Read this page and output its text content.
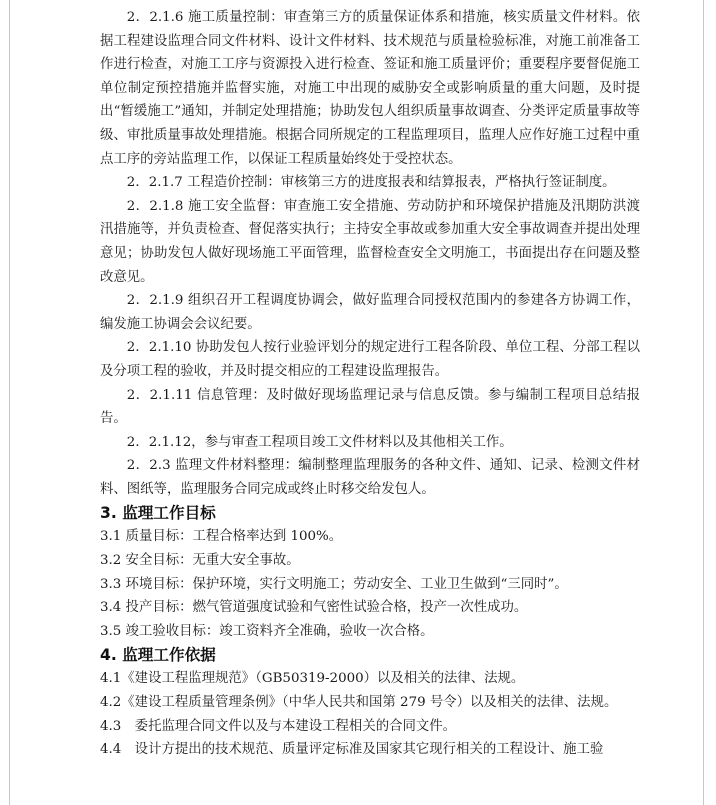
2．2.1.6 施工质量控制：审查第三方的质量保证体系和措施，核实质量文件材料。依据工程建设监理合同文件材料、设计文件材料、技术规范与质量检验标准，对施工前准备工作进行检查，对施工工序与资源投入进行检查、签证和施工质量评价；重要程序要督促施工单位制定预控措施并监督实施，对施工中出现的威胁安全或影响质量的重大问题，及时提出“暂缓施工”通知，并制定处理措施；协助发包人组织质量事故调查、分类评定质量事故等级、审批质量事故处理措施。根据合同所规定的工程监理项目，监理人应作好施工过程中重点工序的旁站监理工作，以保证工程质量始终处于受控状态。

2．2.1.7 工程造价控制：审核第三方的进度报表和结算报表，严格执行签证制度。

2．2.1.8 施工安全监督：审查施工安全措施、劳动防护和环境保护措施及汛期防洪渡汛措施等，并负责检查、督促落实执行；主持安全事故或参加重大安全事故调查并提出处理意见；协助发包人做好现场施工平面管理，监督检查安全文明施工，书面提出存在问题及整改意见。

2．2.1.9 组织召开工程调度协调会，做好监理合同授权范围内的参建各方协调工作，编发施工协调会会议纪要。

2．2.1.10 协助发包人按行业验评划分的规定进行工程各阶段、单位工程、分部工程以及分项工程的验收，并及时提交相应的工程建设监理报告。

2．2.1.11 信息管理：及时做好现场监理记录与信息反馈。参与编制工程项目总结报告。

2．2.1.12，参与审查工程项目竣工文件材料以及其他相关工作。

2．2.3 监理文件材料整理：编制整理监理服务的各种文件、通知、记录、检测文件材料、图纸等，监理服务合同完成或终止时移交给发包人。

3. 监理工作目标

3.1 质量目标：工程合格率达到 100%。

3.2 安全目标：无重大安全事故。

3.3 环境目标：保护环境，实行文明施工；劳动安全、工业卫生做到“三同时”。

3.4 投产目标：燃气管道强度试验和气密性试验合格，投产一次性成功。

3.5 竣工验收目标：竣工资料齐全准确，验收一次合格。

4. 监理工作依据

4.1《建设工程监理规范》（GB50319-2000）以及相关的法律、法规。

4.2《建设工程质量管理条例》（中华人民共和国第 279 号令）以及相关的法律、法规。

4.3　委托监理合同文件以及与本建设工程相关的合同文件。

4.4　设计方提出的技术规范、质量评定标准及国家其它现行相关的工程设计、施工验
